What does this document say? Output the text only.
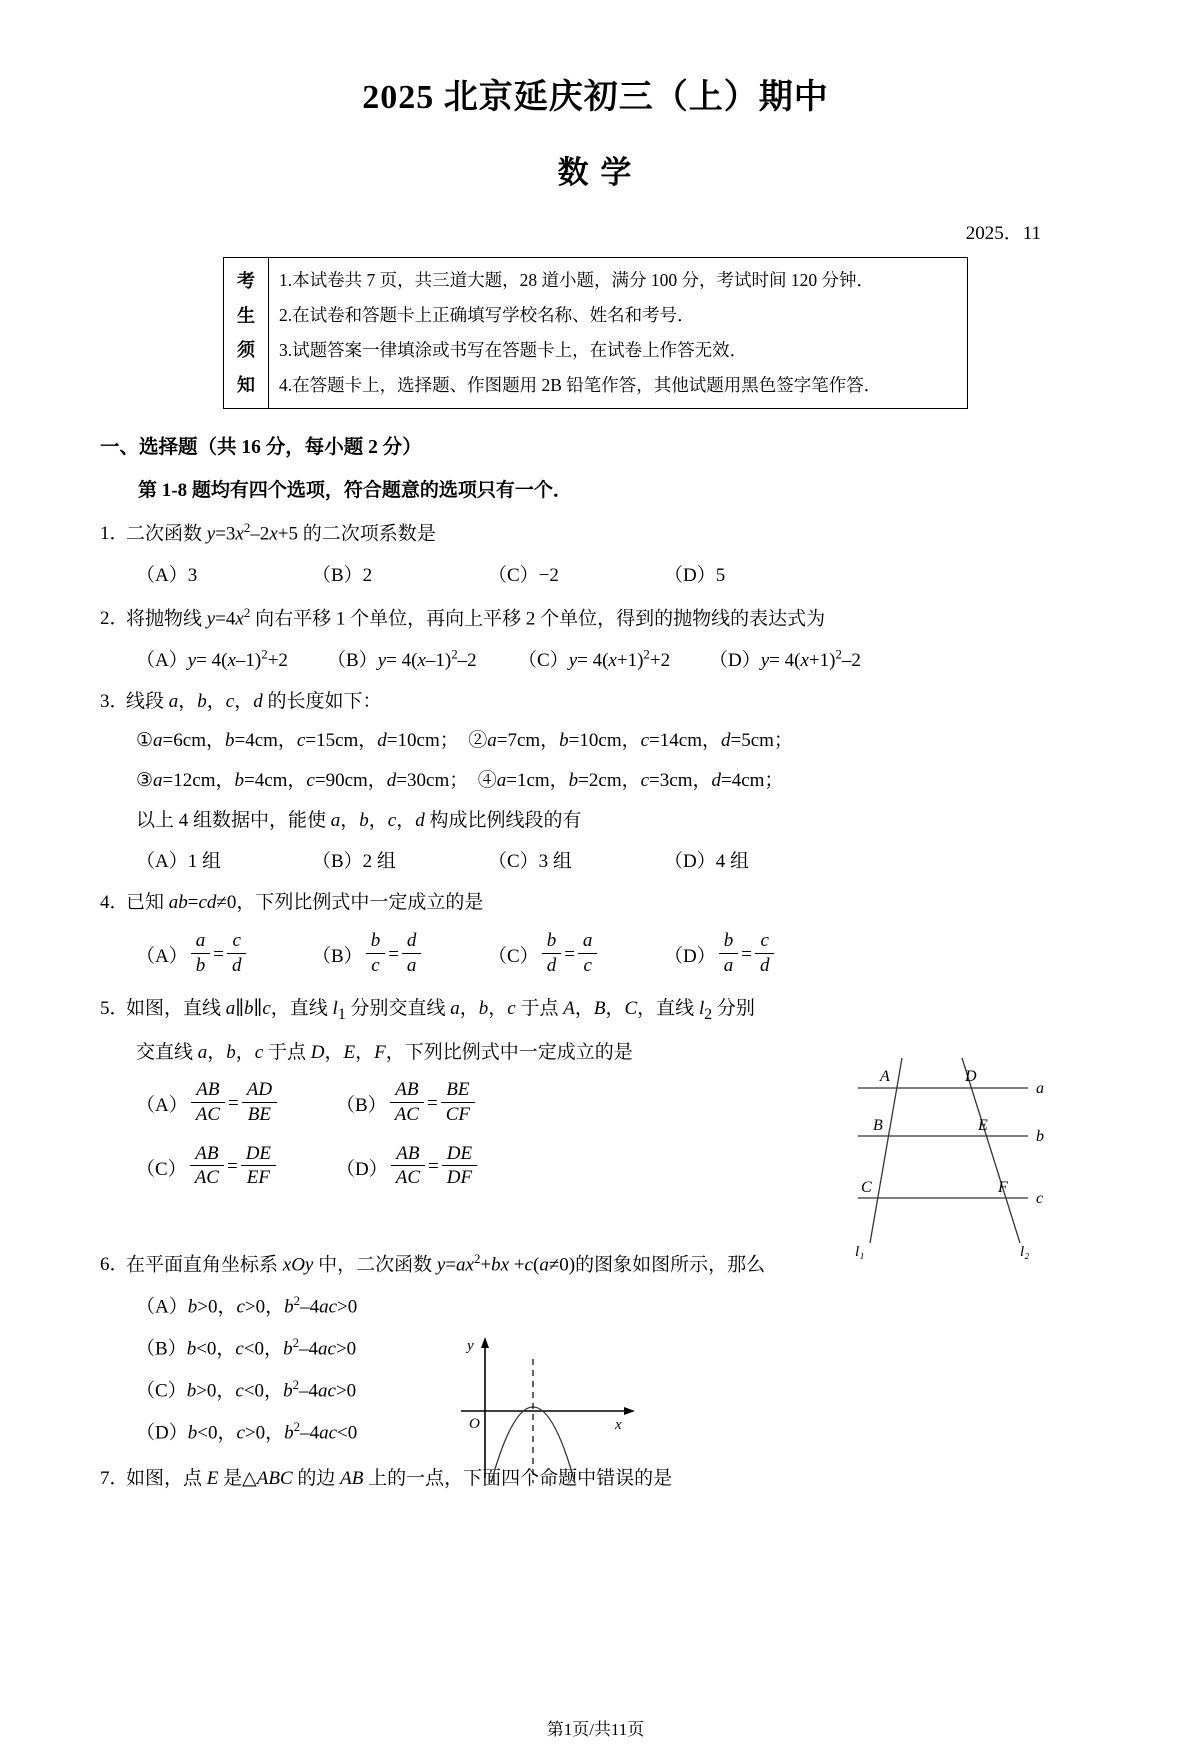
2025 北京延庆初三（上）期中
数 学
2025．11
考
生
须
知

1.本试卷共 7 页，共三道大题，28 道小题，满分 100 分，考试时间 120 分钟．

2.在试卷和答题卡上正确填写学校名称、姓名和考号．

3.试题答案一律填涂或书写在答题卡上，在试卷上作答无效．

4.在答题卡上，选择题、作图题用 2B 铅笔作答，其他试题用黑色签字笔作答．

一、选择题（共 16 分，每小题 2 分）
第 1-8 题均有四个选项，符合题意的选项只有一个．
1．二次函数 $y=3x^2-2x+5$ 的二次项系数是
（A）3	（B）2	（C）−2	（D）5
2．将抛物线 $y=4x^2$ 向右平移 1 个单位，再向上平移 2 个单位，得到的抛物线的表达式为
$(A)y= 4(x-1)^2+2$	$(B)y= 4(x-1)^2-2$	$(C)y= 4(x+1)^2+2$	$(D)y= 4(x+1)^2-2$
3．线段 a，b，c，d 的长度如下：
①a=6cm，b=4cm，c=15cm，d=10cm；  ②a=7cm，b=10cm，c=14cm，d=5cm；
③a=12cm，b=4cm，c=90cm，d=30cm；  ④a=1cm，b=2cm，c=3cm，d=4cm；
以上 4 组数据中，能使 a，b，c，d 构成比例线段的有
（A）1 组	（B）2 组	（C）3 组	（D）4 组
4．已知 ab=cd≠0，下列比例式中一定成立的是
$(A) \frac{a}{b} = \frac{c}{d}$	$(B) \frac{b}{c} = \frac{d}{a}$	$(C) \frac{b}{d} = \frac{a}{c}$	$(D) \frac{b}{a} = \frac{c}{d}$
5．如图，直线 a∥b∥c，直线 $l_1$ 分别交直线 a，b，c 于点 A，B，C，直线 $l_2$ 分别
交直线 a，b，c 于点 D，E，F，下列比例式中一定成立的是
$(A) \frac{AB}{AC} = \frac{AD}{BE}$	$(B) \frac{AB}{AC} = \frac{BE}{CF}$
$(C) \frac{AB}{AC} = \frac{DE}{EF}$	$(D) \frac{AB}{AC} = \frac{DE}{DF}$
6．在平面直角坐标系 xOy 中，二次函数 $y=ax^2+bx +c(a\ne 0)$的图象如图所示，那么
（A）b>0，c>0，$b^2-4ac>0$
（B）b<0，c<0，$b^2-4ac>0$
（C）b>0，c<0，$b^2-4ac>0$
（D）b<0，c>0，$b^2-4ac<0$
7．如图，点 E 是△ABC 的边 AB 上的一点，下面四个命题中错误的是
A	D
B	E
C	F
a
b
c
l₁	l₂
O	x
y
第1页/共11页
